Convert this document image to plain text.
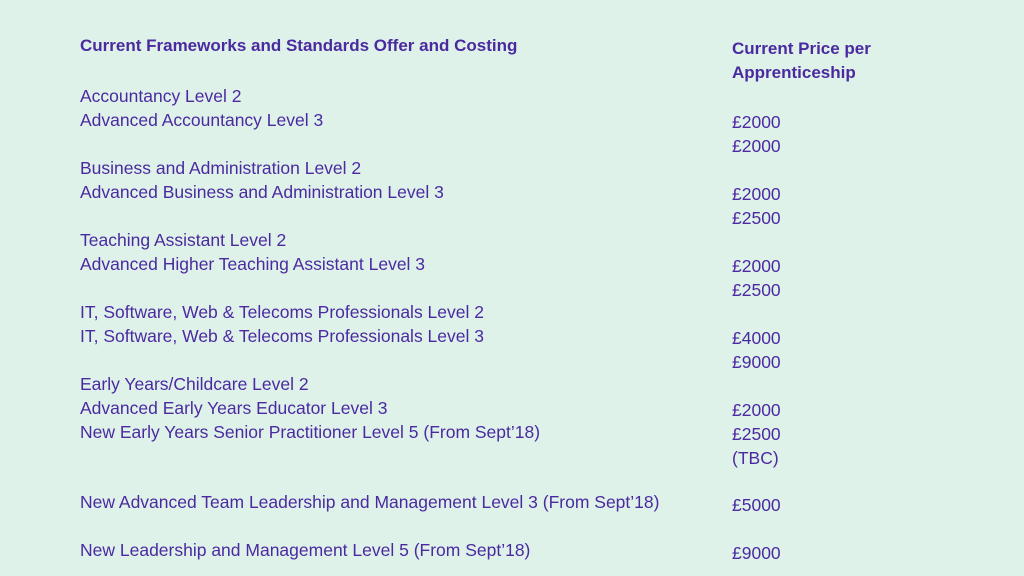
Current Frameworks and Standards Offer and Costing	Current Price per
Apprenticeship
Accountancy Level 2
Advanced Accountancy Level 3
Business and Administration Level 2
Advanced Business and Administration Level 3
Teaching Assistant Level 2
Advanced Higher Teaching Assistant Level 3
IT, Software, Web & Telecoms Professionals Level 2
IT, Software, Web & Telecoms Professionals Level 3
Early Years/Childcare Level 2
Advanced Early Years Educator Level 3
New Early Years Senior Practitioner Level 5 (From Sept’18)
New Advanced Team Leadership and Management Level 3 (From Sept’18)
New Leadership and Management Level 5 (From Sept’18)
£2000
£2000
£2000
£2500
£2000
£2500
£4000
£9000
£2000
£2500
(TBC)
£5000
£9000
